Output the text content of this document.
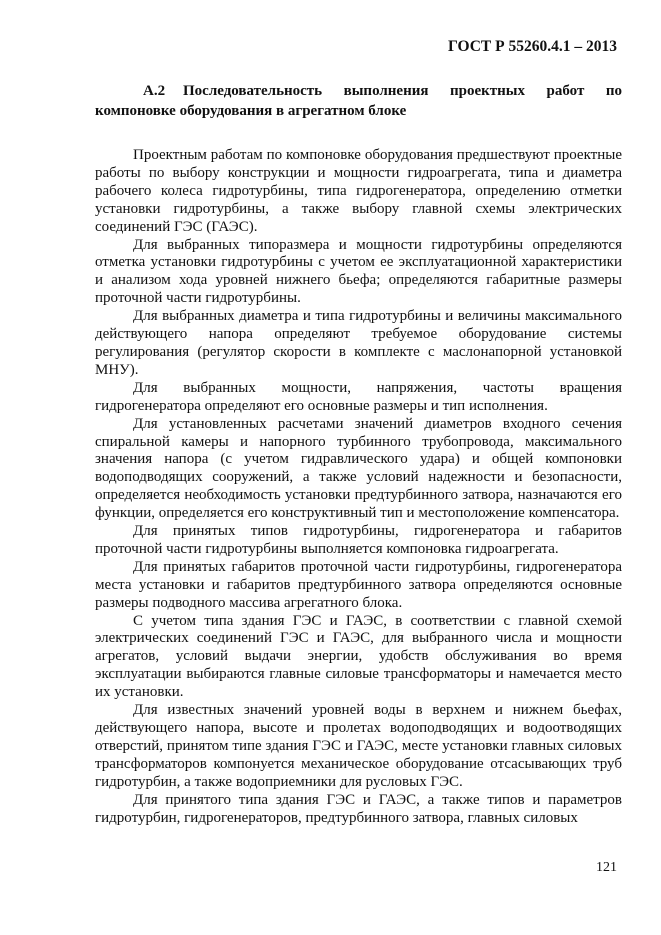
ГОСТ Р 55260.4.1 – 2013
А.2 Последовательность выполнения проектных работ по компоновке оборудования в агрегатном блоке

Проектным работам по компоновке оборудования предшествуют проектные работы по выбору конструкции и мощности гидроагрегата, типа и диаметра рабочего колеса гидротурбины, типа гидрогенератора, определению отметки установки гидротурбины, а также выбору главной схемы электрических соединений ГЭС (ГАЭС).

Для выбранных типоразмера и мощности гидротурбины определяются отметка установки гидротурбины с учетом ее эксплуатационной характеристики и анализом хода уровней нижнего бьефа; определяются габаритные размеры проточной части гидротурбины.

Для выбранных диаметра и типа гидротурбины и величины максимального действующего напора определяют требуемое оборудование системы регулирования (регулятор скорости в комплекте с маслонапорной установкой МНУ).

Для выбранных мощности, напряжения, частоты вращения гидрогенератора определяют его основные размеры и тип исполнения.

Для установленных расчетами значений диаметров входного сечения спиральной камеры и напорного турбинного трубопровода, максимального значения напора (с учетом гидравлического удара) и общей компоновки водоподводящих сооружений, а также условий надежности и безопасности, определяется необходимость установки предтурбинного затвора, назначаются его функции, определяется его конструктивный тип и местоположение компенсатора.

Для принятых типов гидротурбины, гидрогенератора и габаритов проточной части гидротурбины выполняется компоновка гидроагрегата.

Для принятых габаритов проточной части гидротурбины, гидрогенератора места установки и габаритов предтурбинного затвора определяются основные размеры подводного массива агрегатного блока.

С учетом типа здания ГЭС и ГАЭС, в соответствии с главной схемой электрических соединений ГЭС и ГАЭС, для выбранного числа и мощности агрегатов, условий выдачи энергии, удобств обслуживания во время эксплуатации выбираются главные силовые трансформаторы и намечается место их установки.

Для известных значений уровней воды в верхнем и нижнем бьефах, действующего напора, высоте и пролетах водоподводящих и водоотводящих отверстий, принятом типе здания ГЭС и ГАЭС, месте установки главных силовых трансформаторов компонуется механическое оборудование отсасывающих труб гидротурбин, а также водоприемники для русловых ГЭС.

Для принятого типа здания ГЭС и ГАЭС, а также типов и параметров гидротурбин, гидрогенераторов, предтурбинного затвора, главных силовых

121
